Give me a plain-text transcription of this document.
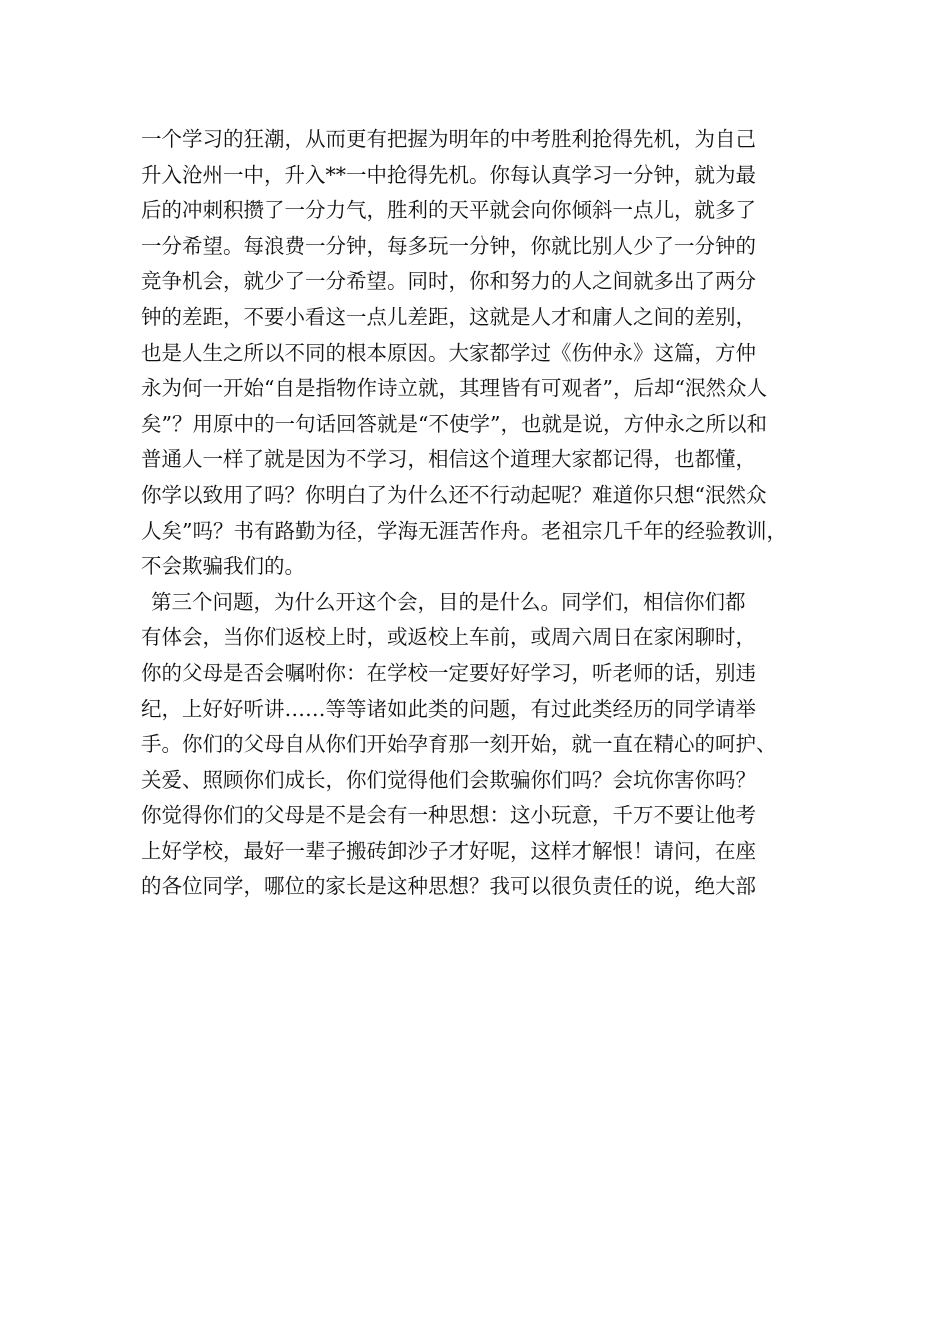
一个学习的狂潮，从而更有把握为明年的中考胜利抢得先机，为自己
升入沧州一中，升入**一中抢得先机。你每认真学习一分钟，就为最
后的冲刺积攒了一分力气，胜利的天平就会向你倾斜一点儿，就多了
一分希望。每浪费一分钟，每多玩一分钟，你就比别人少了一分钟的
竞争机会，就少了一分希望。同时，你和努力的人之间就多出了两分
钟的差距，不要小看这一点儿差距，这就是人才和庸人之间的差别，
也是人生之所以不同的根本原因。大家都学过《伤仲永》这篇，方仲
永为何一开始“自是指物作诗立就，其理皆有可观者”，后却“泯然众人
矣”？用原中的一句话回答就是“不使学”，也就是说，方仲永之所以和
普通人一样了就是因为不学习，相信这个道理大家都记得，也都懂，
你学以致用了吗？你明白了为什么还不行动起呢？难道你只想“泯然众
人矣”吗？书有路勤为径，学海无涯苦作舟。老祖宗几千年的经验教训，
不会欺骗我们的。
第三个问题，为什么开这个会，目的是什么。同学们，相信你们都
有体会，当你们返校上时，或返校上车前，或周六周日在家闲聊时，
你的父母是否会嘱咐你：在学校一定要好好学习，听老师的话，别违
纪，上好好听讲……等等诸如此类的问题，有过此类经历的同学请举
手。你们的父母自从你们开始孕育那一刻开始，就一直在精心的呵护、
关爱、照顾你们成长，你们觉得他们会欺骗你们吗？会坑你害你吗？
你觉得你们的父母是不是会有一种思想：这小玩意，千万不要让他考
上好学校，最好一辈子搬砖卸沙子才好呢，这样才解恨！请问，在座
的各位同学，哪位的家长是这种思想？我可以很负责任的说，绝大部
